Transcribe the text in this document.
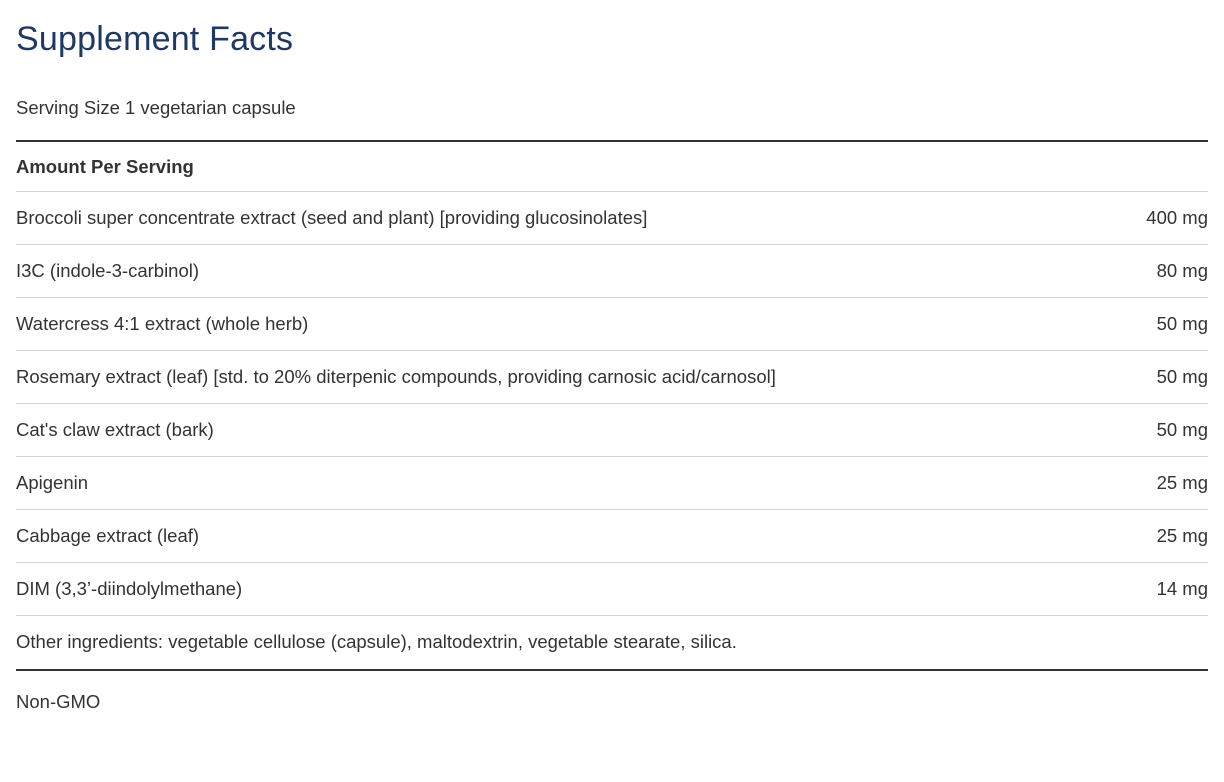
Supplement Facts
Serving Size 1 vegetarian capsule
Amount Per Serving
Broccoli super concentrate extract (seed and plant) [providing glucosinolates]	400 mg
I3C (indole-3-carbinol)	80 mg
Watercress 4:1 extract (whole herb)	50 mg
Rosemary extract (leaf) [std. to 20% diterpenic compounds, providing carnosic acid/carnosol]	50 mg
Cat's claw extract (bark)	50 mg
Apigenin	25 mg
Cabbage extract (leaf)	25 mg
DIM (3,3’-diindolylmethane)	14 mg
Other ingredients: vegetable cellulose (capsule), maltodextrin, vegetable stearate, silica.
Non-GMO
